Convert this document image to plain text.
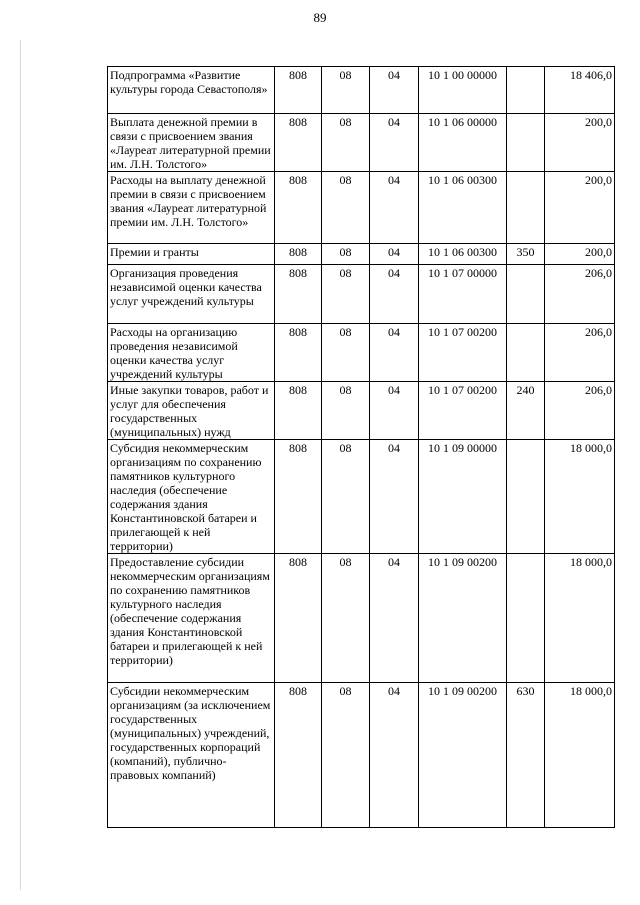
89
Подпрограмма «Развитие культуры города Севастополя»	808	08	04	10 1 00 00000		18 406,0
Выплата денежной премии в связи с присвоением звания «Лауреат литературной премии им. Л.Н. Толстого»	808	08	04	10 1 06 00000		200,0
Расходы на выплату денежной премии в связи с присвоением звания «Лауреат литературной премии им. Л.Н. Толстого»	808	08	04	10 1 06 00300		200,0
Премии и гранты	808	08	04	10 1 06 00300	350	200,0
Организация проведения независимой оценки качества услуг учреждений культуры	808	08	04	10 1 07 00000		206,0
Расходы на организацию проведения независимой оценки качества услуг учреждений культуры	808	08	04	10 1 07 00200		206,0
Иные закупки товаров, работ и услуг для обеспечения государственных (муниципальных) нужд	808	08	04	10 1 07 00200	240	206,0
Субсидия некоммерческим организациям по сохранению памятников культурного наследия (обеспечение содержания здания Константиновской батареи и прилегающей к ней территории)	808	08	04	10 1 09 00000		18 000,0
Предоставление субсидии некоммерческим организациям по сохранению памятников культурного наследия (обеспечение содержания здания Константиновской батареи и прилегающей к ней территории)	808	08	04	10 1 09 00200		18 000,0
Субсидии некоммерческим организациям (за исключением государственных (муниципальных) учреждений, государственных корпораций (компаний), публично-правовых компаний)	808	08	04	10 1 09 00200	630	18 000,0
